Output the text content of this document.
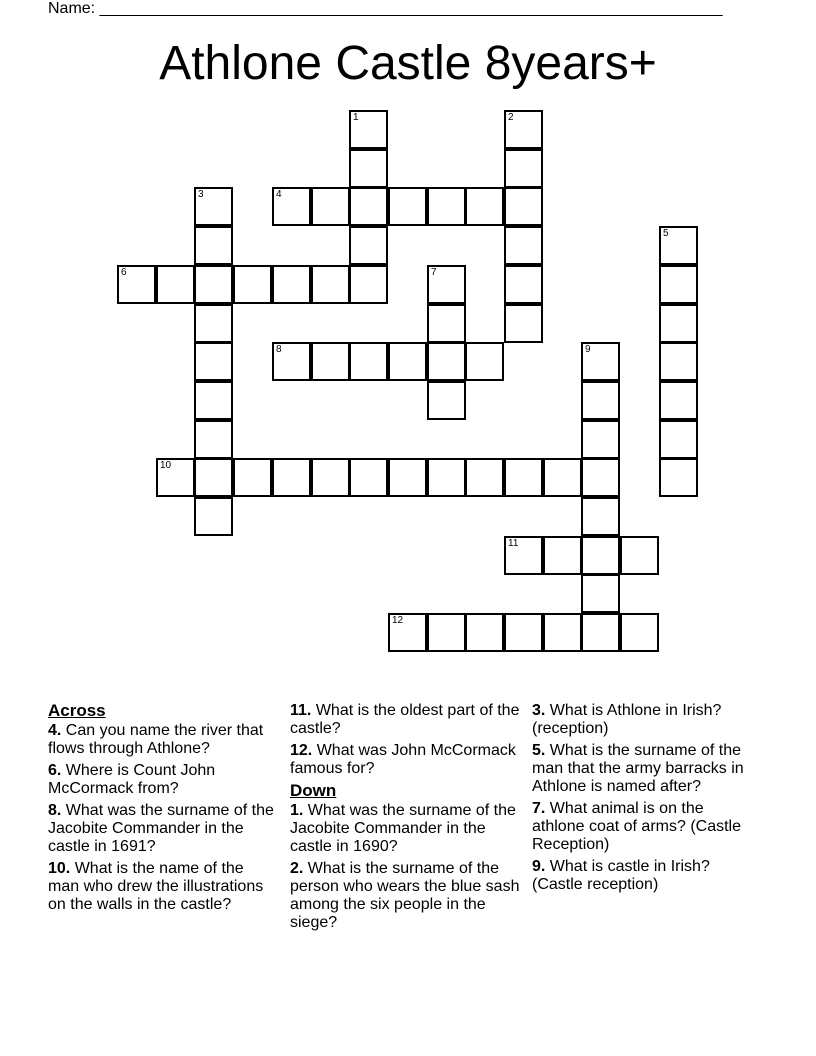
Name: ______________________________________________________________________
Athlone Castle 8years+
1	2
3	4
5
6	7
8	9
10
11
12
Across
4. Can you name the river that flows through Athlone?
6. Where is Count John McCormack from?
8. What was the surname of the Jacobite Commander in the castle in 1691?
10. What is the name of the man who drew the illustrations on the walls in the castle?
11. What is the oldest part of the castle?
12. What was John McCormack famous for?
Down
1. What was the surname of the Jacobite Commander in the castle in 1690?
2. What is the surname of the person who wears the blue sash among the six people in the siege?
3. What is Athlone in Irish? (reception)
5. What is the surname of the man that the army barracks in Athlone is named after?
7. What animal is on the athlone coat of arms? (Castle Reception)
9. What is castle in Irish? (Castle reception)
